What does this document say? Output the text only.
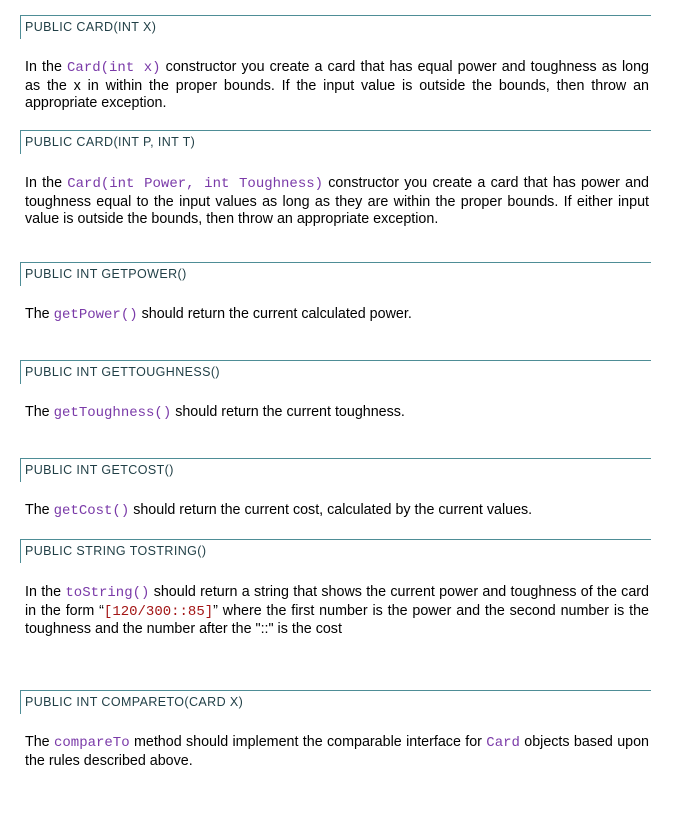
PUBLIC CARD(INT X)

In the Card(int x) constructor you create a card that has equal power and toughness as long as the x in within the proper bounds. If the input value is outside the bounds, then throw an appropriate exception.

PUBLIC CARD(INT P, INT T)

In the Card(int Power, int Toughness) constructor you create a card that has power and toughness equal to the input values as long as they are within the proper bounds. If either input value is outside the bounds, then throw an appropriate exception.

PUBLIC INT GETPOWER()

The getPower() should return the current calculated power.

PUBLIC INT GETTOUGHNESS()

The getToughness() should return the current toughness.

PUBLIC INT GETCOST()

The getCost() should return the current cost, calculated by the current values.

PUBLIC STRING TOSTRING()

In the toString() should return a string that shows the current power and toughness of the card in the form “[120/300::85]” where the first number is the power and the second number is the toughness and the number after the "::" is the cost

PUBLIC INT COMPARETO(CARD X)

The compareTo method should implement the comparable interface for Card objects based upon the rules described above.
